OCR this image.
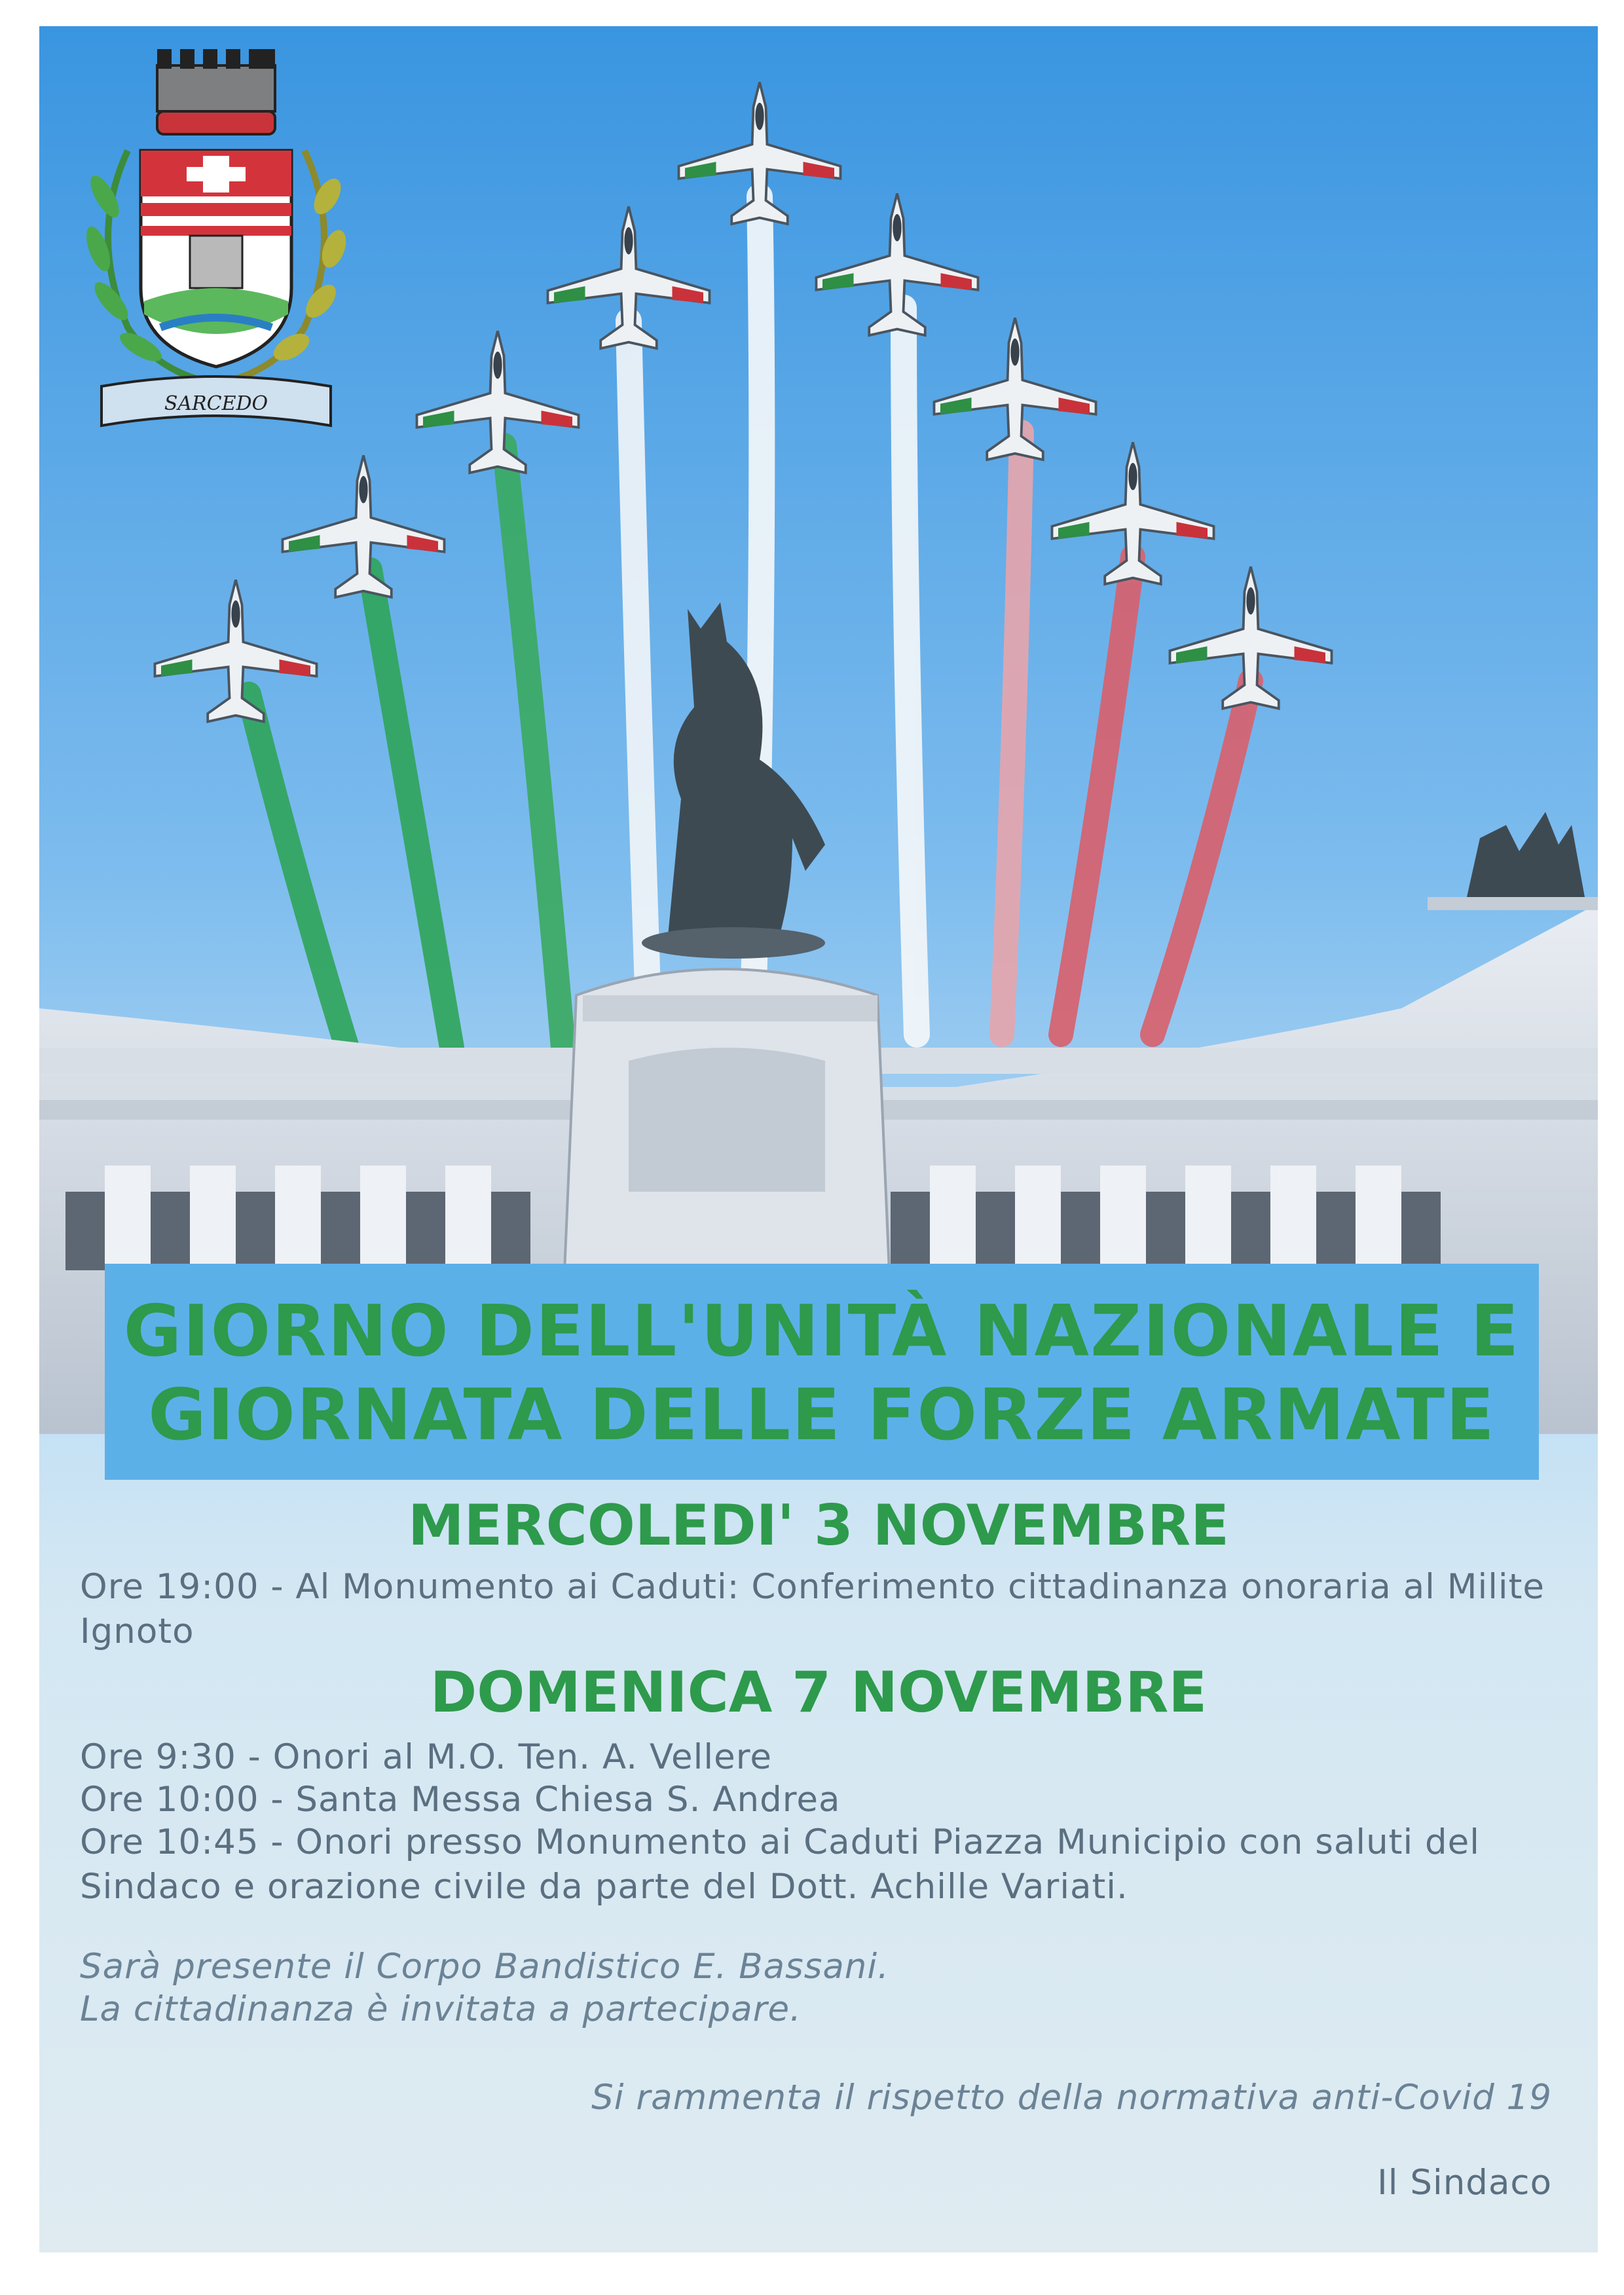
SARCEDO
GIORNO DELL'UNITÀ NAZIONALE E
GIORNATA DELLE FORZE ARMATE
MERCOLEDI' 3 NOVEMBRE

Ore 19:00 - Al Monumento ai Caduti: Conferimento cittadinanza onoraria al Milite Ignoto

DOMENICA 7 NOVEMBRE

Ore 9:30 - Onori al M.O. Ten. A. Vellere

Ore 10:00 - Santa Messa Chiesa S. Andrea

Ore 10:45 - Onori presso Monumento ai Caduti Piazza Municipio con saluti del Sindaco e orazione civile da parte del Dott. Achille Variati.

Sarà presente il Corpo Bandistico E. Bassani.

La cittadinanza è invitata a partecipare.

Si rammenta il rispetto della normativa anti-Covid 19

Il Sindaco
